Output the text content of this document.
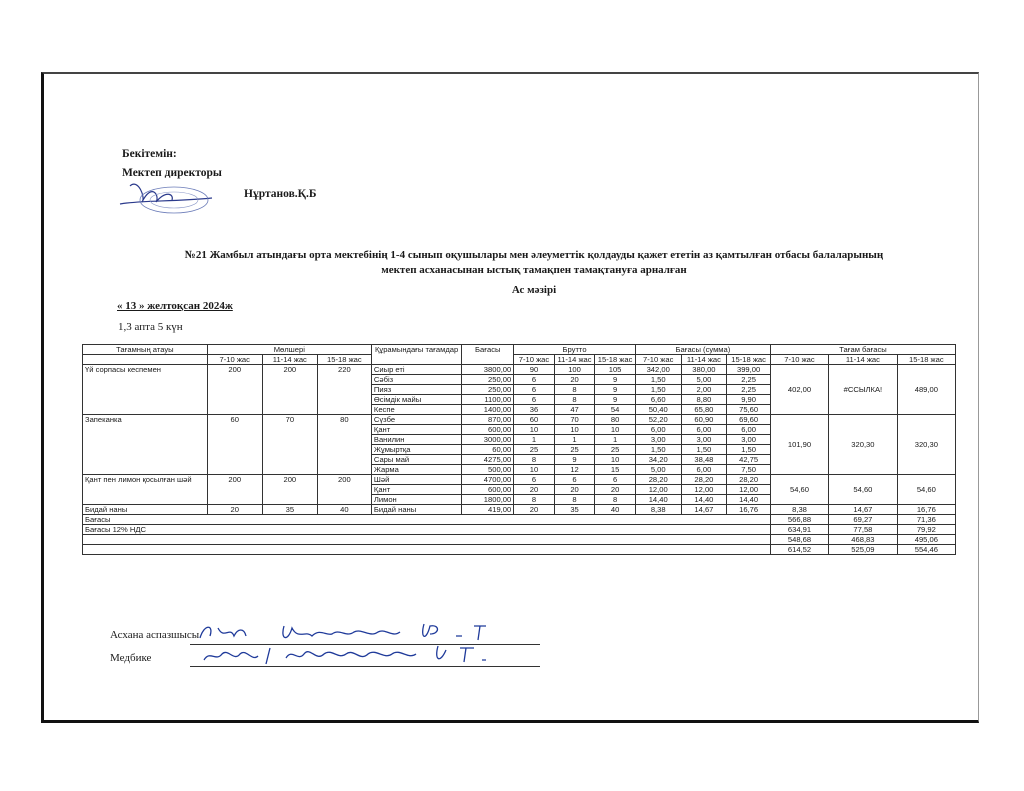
Бекітемін:
Мектеп директоры
Нұртанов.Қ.Б
№21 Жамбыл атындағы орта мектебінің 1-4 сынып оқушылары мен әлеуметтік қолдауды қажет ететін аз қамтылған отбасы балаларының
мектеп асханасынан ыстық тамақпен тамақтануға арналған
Ас мәзірі
« 13 » желтоқсан 2024ж
1,3 апта 5 күн
Тағамның атауы	Мөлшері			Құрамындағы тағамдар	Бағасы	Брутто			Бағасы (сумма)			Тағам бағасы		
	7-10 жас	11-14 жас	15-18 жас			7-10 жас	11-14 жас	15-18 жас	7-10 жас	11-14 жас	15-18 жас	7-10 жас	11-14 жас	15-18 жас
Үй сорпасы кеспемен	200	200	220	Сиыр еті	3800,00	90	100	105	342,00	380,00	399,00	402,00	#ССЫЛКА!	489,00
				Сәбіз	250,00	6	20	9	1,50	5,00	2,25			
				Пияз	250,00	6	8	9	1,50	2,00	2,25			
				Өсімдік майы	1100,00	6	8	9	6,60	8,80	9,90			
				Кеспе	1400,00	36	47	54	50,40	65,80	75,60			
Запеканка	60	70	80	Сүзбе	870,00	60	70	80	52,20	60,90	69,60	101,90	320,30	320,30
				Қант	600,00	10	10	10	6,00	6,00	6,00			
				Ванилин	3000,00	1	1	1	3,00	3,00	3,00			
				Жұмыртқа	60,00	25	25	25	1,50	1,50	1,50			
				Сары май	4275,00	8	9	10	34,20	38,48	42,75			
				Жарма	500,00	10	12	15	5,00	6,00	7,50			
Қант пен лимон қосылған шәй	200	200	200	Шәй	4700,00	6	6	6	28,20	28,20	28,20	54,60	54,60	54,60
				Қант	600,00	20	20	20	12,00	12,00	12,00			
				Лимон	1800,00	8	8	8	14,40	14,40	14,40			
Бидай наны	20	35	40	Бидай наны	419,00	20	35	40	8,38	14,67	16,76	8,38	14,67	16,76
Бағасы												566,88	69,27	71,36
Бағасы 12% НДС												634,91	77,58	79,92
												548,68	468,83	495,06
												614,52	525,09	554,46
Асхана аспазшысы
Медбике
